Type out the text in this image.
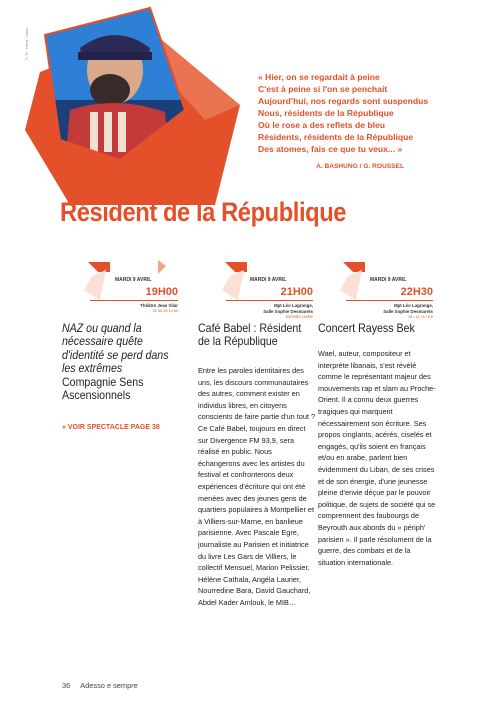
© Th. Hervi / Atlas
« Hier, on se regardait à peine
C'est à peine si l'on se penchait
Aujourd'hui, nos regards sont suspendus
Nous, résidents de la République
Où le rose a des reflets de bleu
Résidents, résidents de la République
Des atomes, fais ce que tu veux... »
A. BASHUNG / G. ROUSSEL
Résident de la République
MARDI 9 AVRIL
19H00
Théâtre Jean Vilar
01 55 53 10 60
NAZ ou quand la nécessaire quête d'identité se perd dans les extrêmes
Compagnie Sens Ascensionnels
» VOIR SPECTACLE PAGE 38
MARDI 9 AVRIL
21H00
Mpt Léo Lagrange,
Salle Sophie Desmarets
ENTRÉE LIBRE
Café Babel : Résident de la République
Entre les paroles identitaires des uns, les discours communautaires des autres, comment exister en individus libres, en citoyens conscients de faire partie d'un tout ? Ce Café Babel, toujours en direct sur Divergence FM 93,9, sera réalisé en public. Nous échangerons avec les artistes du festival et confronterons deux expériences d'écriture qui ont été menées avec des jeunes gens de quartiers populaires à Montpellier et à Villiers-sur-Marne, en banlieue parisienne. Avec Pascale Egre, journaliste au Parisien et initiatrice du livre Les Gars de Villiers, le collectif Mensuel, Marion Pelissier, Hélène Cathala, Angéla Laurier, Nourredine Bara, David Gauchard, Abdel Kader Amlouk, le MIB…
MARDI 9 AVRIL
22H30
Mpt Léo Lagrange,
Salle Sophie Desmarets
15 / 11 / 8 / 6 €
Concert Rayess Bek
Wael, auteur, compositeur et interprète libanais, s'est révélé comme le représentant majeur des mouvements rap et slam au Proche-Orient. Il a connu deux guerres tragiques qui marquent nécessairement son écriture. Ses propos cinglants, acérés, ciselés et engagés, qu'ils soient en français et/ou en arabe, parlent bien évidemment du Liban, de ses crises et de son énergie, d'une jeunesse pleine d'envie déçue par le pouvoir politique, de sujets de société qui se comprennent des faubourgs de Beyrouth aux abords du « périph' parisien ». Il parle résolument de la guerre, des combats et de la situation internationale.
36 Adesso e sempre
